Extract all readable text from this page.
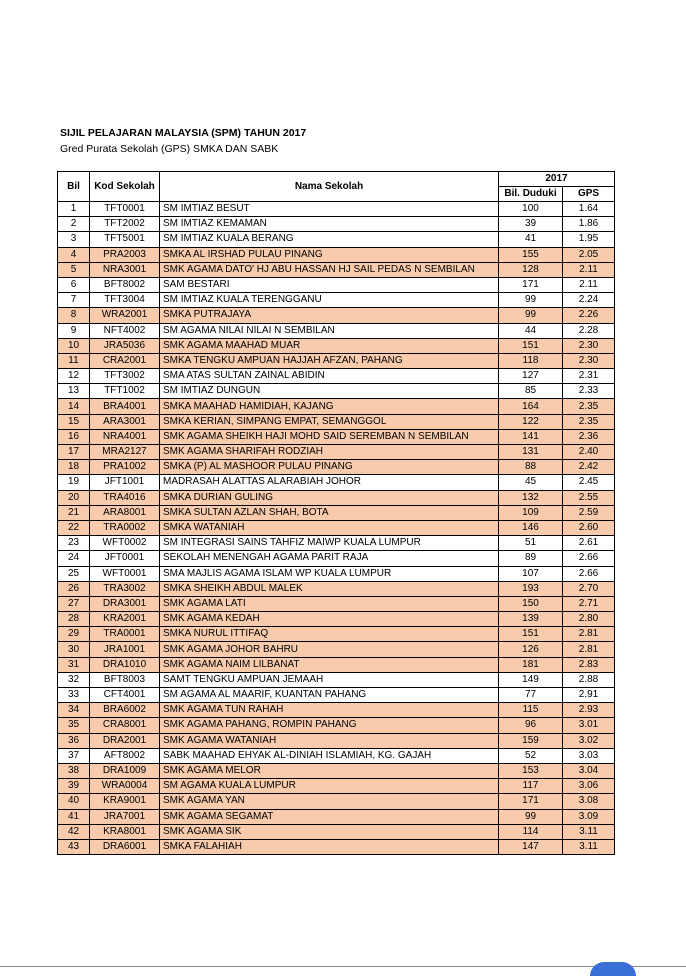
SIJIL PELAJARAN MALAYSIA (SPM) TAHUN 2017
Gred Purata Sekolah (GPS) SMKA DAN SABK
Bil	Kod Sekolah	Nama Sekolah	2017	
			Bil. Duduki	GPS
1	TFT0001	SM IMTIAZ BESUT	100	1.64
2	TFT2002	SM IMTIAZ KEMAMAN	39	1.86
3	TFT5001	SM IMTIAZ KUALA BERANG	41	1.95
4	PRA2003	SMKA AL IRSHAD PULAU PINANG	155	2.05
5	NRA3001	SMK AGAMA DATO' HJ ABU HASSAN HJ SAIL PEDAS N SEMBILAN	128	2.11
6	BFT8002	SAM BESTARI	171	2.11
7	TFT3004	SM IMTIAZ KUALA TERENGGANU	99	2.24
8	WRA2001	SMKA PUTRAJAYA	99	2.26
9	NFT4002	SM AGAMA NILAI NILAI N SEMBILAN	44	2.28
10	JRA5036	SMK AGAMA MAAHAD MUAR	151	2.30
11	CRA2001	SMKA TENGKU AMPUAN HAJJAH AFZAN, PAHANG	118	2.30
12	TFT3002	SMA ATAS SULTAN ZAINAL ABIDIN	127	2.31
13	TFT1002	SM IMTIAZ DUNGUN	85	2.33
14	BRA4001	SMKA MAAHAD HAMIDIAH, KAJANG	164	2.35
15	ARA3001	SMKA KERIAN, SIMPANG EMPAT, SEMANGGOL	122	2.35
16	NRA4001	SMK AGAMA SHEIKH HAJI MOHD SAID SEREMBAN N SEMBILAN	141	2.36
17	MRA2127	SMK AGAMA SHARIFAH RODZIAH	131	2.40
18	PRA1002	SMKA (P) AL MASHOOR PULAU PINANG	88	2.42
19	JFT1001	MADRASAH ALATTAS ALARABIAH JOHOR	45	2.45
20	TRA4016	SMKA DURIAN GULING	132	2.55
21	ARA8001	SMKA SULTAN AZLAN SHAH, BOTA	109	2.59
22	TRA0002	SMKA WATANIAH	146	2.60
23	WFT0002	SM INTEGRASI SAINS TAHFIZ MAIWP KUALA LUMPUR	51	2.61
24	JFT0001	SEKOLAH MENENGAH AGAMA PARIT RAJA	89	2.66
25	WFT0001	SMA MAJLIS AGAMA ISLAM WP KUALA LUMPUR	107	2.66
26	TRA3002	SMKA SHEIKH ABDUL MALEK	193	2.70
27	DRA3001	SMK AGAMA LATI	150	2.71
28	KRA2001	SMK AGAMA KEDAH	139	2.80
29	TRA0001	SMKA NURUL ITTIFAQ	151	2.81
30	JRA1001	SMK AGAMA JOHOR BAHRU	126	2.81
31	DRA1010	SMK AGAMA NAIM LILBANAT	181	2.83
32	BFT8003	SAMT TENGKU AMPUAN JEMAAH	149	2.88
33	CFT4001	SM AGAMA AL MAARIF, KUANTAN PAHANG	77	2.91
34	BRA6002	SMK AGAMA TUN RAHAH	115	2.93
35	CRA8001	SMK AGAMA PAHANG, ROMPIN PAHANG	96	3.01
36	DRA2001	SMK AGAMA WATANIAH	159	3.02
37	AFT8002	SABK MAAHAD EHYAK AL-DINIAH ISLAMIAH, KG. GAJAH	52	3.03
38	DRA1009	SMK AGAMA MELOR	153	3.04
39	WRA0004	SM AGAMA KUALA LUMPUR	117	3.06
40	KRA9001	SMK AGAMA YAN	171	3.08
41	JRA7001	SMK AGAMA SEGAMAT	99	3.09
42	KRA8001	SMK AGAMA SIK	114	3.11
43	DRA6001	SMKA FALAHIAH	147	3.11
